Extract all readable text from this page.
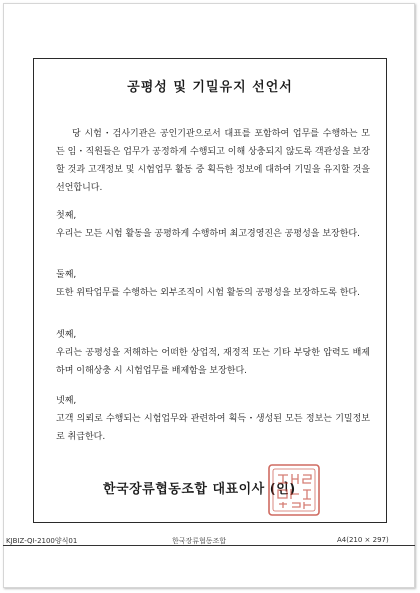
공평성 및 기밀유지 선언서

당 시험・검사기관은 공인기관으로서 대표를 포함하여 업무를 수행하는 모든 임・직원들은 업무가 공정하게 수행되고 이해 상충되지 않도록 객관성을 보장할 것과 고객정보 및 시험업무 활동 중 획득한 정보에 대하여 기밀을 유지할 것을 선언합니다.

첫째,
우리는 모든 시험 활동을 공평하게 수행하며 최고경영진은 공평성을 보장한다.
둘째,
또한 위탁업무를 수행하는 외부조직이 시험 활동의 공평성을 보장하도록 한다.
셋째,
우리는 공평성을 저해하는 어떠한 상업적, 재정적 또는 기타 부당한 압력도 배제하며 이해상충 시 시험업무를 배제함을 보장한다.
넷째,
고객 의뢰로 수행되는 시험업무와 관련하여 획득・생성된 모든 정보는 기밀정보로 취급한다.
한국장류협동조합 대표이사 (인)
KJBIZ-QI-2100양식01	한국장류협동조합	A4(210 × 297)
